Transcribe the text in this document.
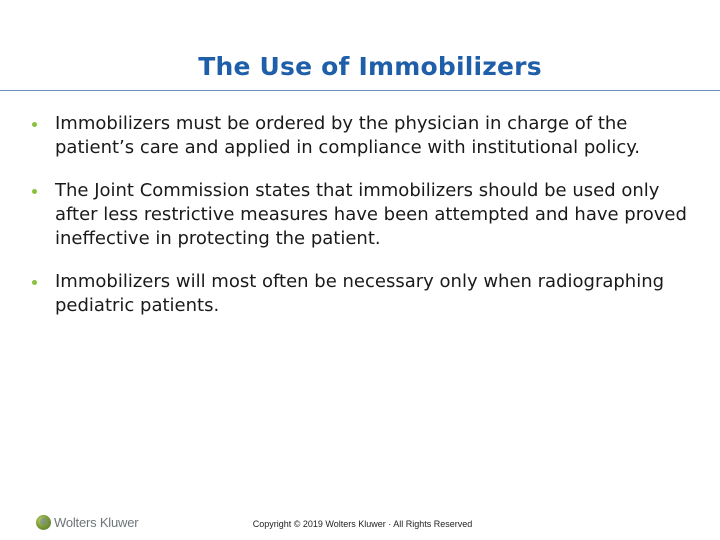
The Use of Immobilizers
Immobilizers must be ordered by the physician in charge of the patient’s care and applied in compliance with institutional policy.
The Joint Commission states that immobilizers should be used only after less restrictive measures have been attempted and have proved ineffective in protecting the patient.
Immobilizers will most often be necessary only when radiographing pediatric patients.
Wolters Kluwer	Copyright © 2019 Wolters Kluwer · All Rights Reserved
